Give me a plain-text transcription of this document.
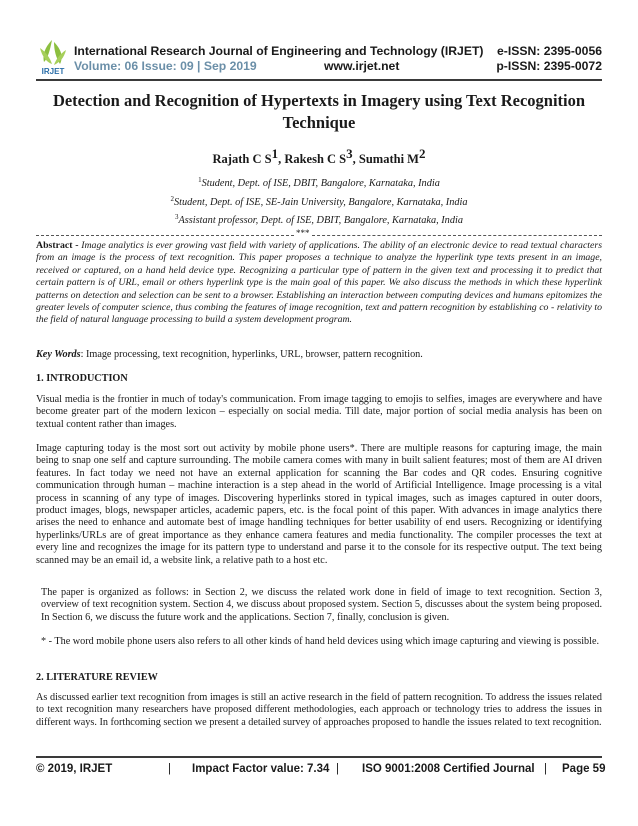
IRJET
International Research Journal of Engineering and Technology (IRJET) e-ISSN: 2395-0056
Volume: 06 Issue: 09 | Sep 2019	www.irjet.net	p-ISSN: 2395-0072
Detection and Recognition of Hypertexts in Imagery using Text Recognition Technique
Rajath C $S^1$, Rakesh C $S^3$, Sumathi $M^2$
$^1$Student, Dept. of ISE, DBIT, Bangalore, Karnataka, India
$^2$Student, Dept. of ISE, SE-Jain University, Bangalore, Karnataka, India
$^3$Assistant professor, Dept. of ISE, DBIT, Bangalore, Karnataka, India
***
Abstract - Image analytics is ever growing vast field with variety of applications. The ability of an electronic device to read textual characters from an image is the process of text recognition. This paper proposes a technique to analyze the hyperlink type texts present in an image, received or captured, on a hand held device type. Recognizing a particular type of pattern in the given text and processing it to predict that certain pattern is of URL, email or others hyperlink type is the main goal of this paper. We also discuss the methods in which these hyperlink patterns on detection and selection can be sent to a browser. Establishing an interaction between computing devices and humans epitomizes the greater levels of computer science, thus combing the features of image recognition, text and pattern recognition by establishing co - relativity to the field of natural language processing to build a system development program.
Key Words: Image processing, text recognition, hyperlinks, URL, browser, pattern recognition.
1. INTRODUCTION
Visual media is the frontier in much of today's communication. From image tagging to emojis to selfies, images are everywhere and have become greater part of the modern lexicon – especially on social media. Till date, major portion of social media analysis has been on textual content rather than images.
Image capturing today is the most sort out activity by mobile phone users*. There are multiple reasons for capturing image, the main being to snap one self and capture surrounding. The mobile camera comes with many in built salient features; most of them are AI driven features. In fact today we need not have an external application for scanning the Bar codes and QR codes. Ensuring cognitive communication through human – machine interaction is a step ahead in the world of Artificial Intelligence. Image processing is a vital process in scanning of any type of images. Discovering hyperlinks stored in typical images, such as images captured in outer doors, product images, blogs, newspaper articles, academic papers, etc. is the focal point of this paper. With advances in image analytics there arises the need to enhance and automate best of image handling techniques for better usability of end users. Recognizing or identifying hyperlinks/URLs are of great importance as they enhance camera features and media functionality. The compiler processes the text at every line and recognizes the image for its pattern type to understand and parse it to the console for its respective output. The text being scanned may be an email id, a website link, a relative path to a host etc.
The paper is organized as follows: in Section 2, we discuss the related work done in field of image to text recognition. Section 3, overview of text recognition system. Section 4, we discuss about proposed system. Section 5, discusses about the system being proposed. In Section 6, we discuss the future work and the applications. Section 7, finally, conclusion is given.
* - The word mobile phone users also refers to all other kinds of hand held devices using which image capturing and viewing is possible.
2. LITERATURE REVIEW
As discussed earlier text recognition from images is still an active research in the field of pattern recognition. To address the issues related to text recognition many researchers have proposed different methodologies, each approach or technology tries to address the issues in different ways. In forthcoming section we present a detailed survey of approaches proposed to handle the issues related to text recognition.
© 2019, IRJET	| Impact Factor value: 7.34 | ISO 9001:2008 Certified Journal | Page 59
